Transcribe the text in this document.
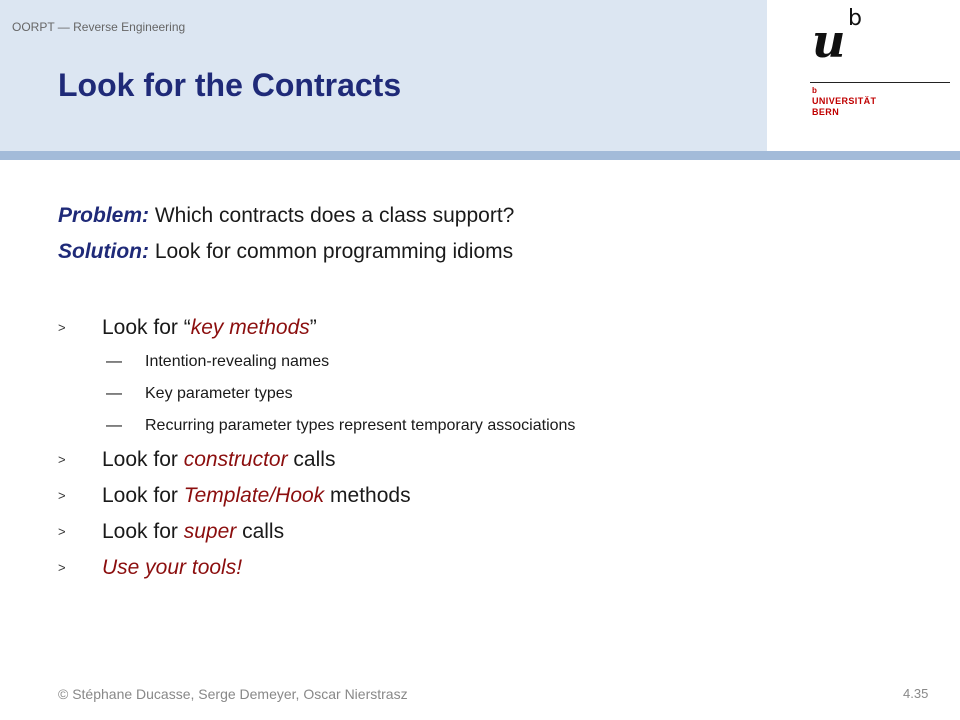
OORPT — Reverse Engineering
Look for the Contracts
u b
b
UNIVERSITÄT
BERN
Problem: Which contracts does a class support?
Solution: Look for common programming idioms
> Look for “key methods”
— Intention-revealing names
— Key parameter types
— Recurring parameter types represent temporary associations
> Look for constructor calls
> Look for Template/Hook methods
> Look for super calls
> Use your tools!
© Stéphane Ducasse, Serge Demeyer, Oscar Nierstrasz	4.35
